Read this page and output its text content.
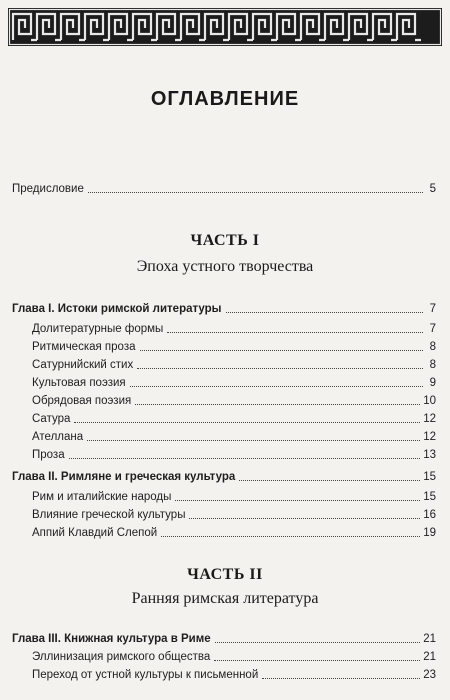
ОГЛАВЛЕНИЕ
Предисловие	5
ЧАСТЬ I
Эпоха устного творчества
Глава I. Истоки римской литературы	7
Долитературные формы	7
Ритмическая проза	8
Сатурнийский стих	8
Культовая поэзия	9
Обрядовая поэзия	10
Сатура	12
Ателлана	12
Проза	13
Глава II. Римляне и греческая культура	15
Рим и италийские народы	15
Влияние греческой культуры	16
Аппий Клавдий Слепой	19
ЧАСТЬ II
Ранняя римская литература
Глава III. Книжная культура в Риме	21
Эллинизация римского общества	21
Переход от устной культуры к письменной	23
